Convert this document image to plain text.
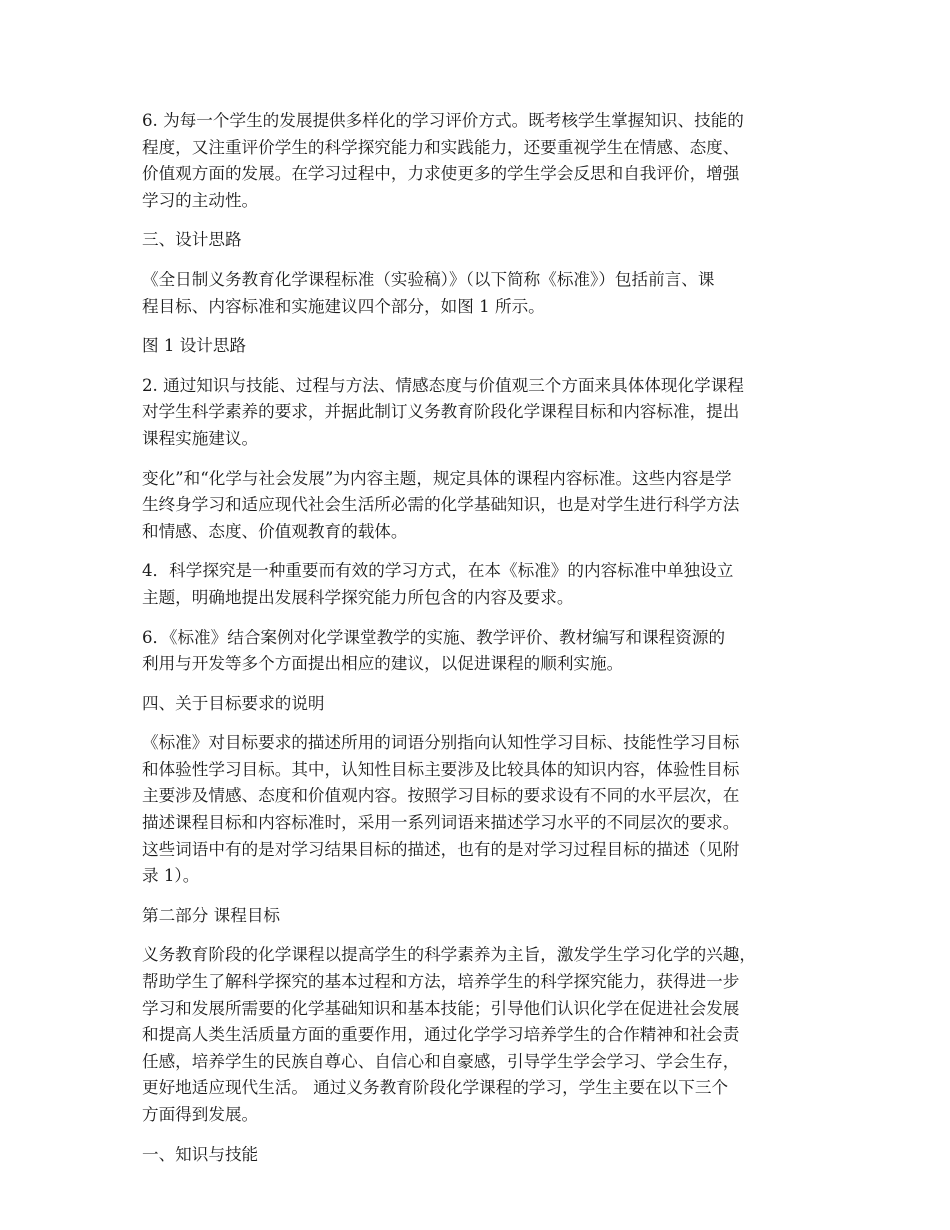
6. 为每一个学生的发展提供多样化的学习评价方式。既考核学生掌握知识、技能的
程度，又注重评价学生的科学探究能力和实践能力，还要重视学生在情感、态度、
价值观方面的发展。在学习过程中，力求使更多的学生学会反思和自我评价，增强
学习的主动性。

三、设计思路

《全日制义务教育化学课程标准（实验稿）》（以下简称《标准》）包括前言、课
程目标、内容标准和实施建议四个部分，如图 1 所示。

图 1 设计思路

2. 通过知识与技能、过程与方法、情感态度与价值观三个方面来具体体现化学课程
对学生科学素养的要求，并据此制订义务教育阶段化学课程目标和内容标准，提出
课程实施建议。

变化”和“化学与社会发展”为内容主题，规定具体的课程内容标准。这些内容是学
生终身学习和适应现代社会生活所必需的化学基础知识，也是对学生进行科学方法
和情感、态度、价值观教育的载体。

4．科学探究是一种重要而有效的学习方式，在本《标准》的内容标准中单独设立
主题，明确地提出发展科学探究能力所包含的内容及要求。

6．《标准》结合案例对化学课堂教学的实施、教学评价、教材编写和课程资源的
利用与开发等多个方面提出相应的建议，以促进课程的顺利实施。

四、关于目标要求的说明

《标准》对目标要求的描述所用的词语分别指向认知性学习目标、技能性学习目标
和体验性学习目标。其中，认知性目标主要涉及比较具体的知识内容，体验性目标
主要涉及情感、态度和价值观内容。按照学习目标的要求设有不同的水平层次，在
描述课程目标和内容标准时，采用一系列词语来描述学习水平的不同层次的要求。
这些词语中有的是对学习结果目标的描述，也有的是对学习过程目标的描述（见附
录 1）。

第二部分 课程目标

义务教育阶段的化学课程以提高学生的科学素养为主旨，激发学生学习化学的兴趣，
帮助学生了解科学探究的基本过程和方法，培养学生的科学探究能力，获得进一步
学习和发展所需要的化学基础知识和基本技能；引导他们认识化学在促进社会发展
和提高人类生活质量方面的重要作用，通过化学学习培养学生的合作精神和社会责
任感，培养学生的民族自尊心、自信心和自豪感，引导学生学会学习、学会生存，
更好地适应现代生活。 通过义务教育阶段化学课程的学习，学生主要在以下三个
方面得到发展。

一、知识与技能
